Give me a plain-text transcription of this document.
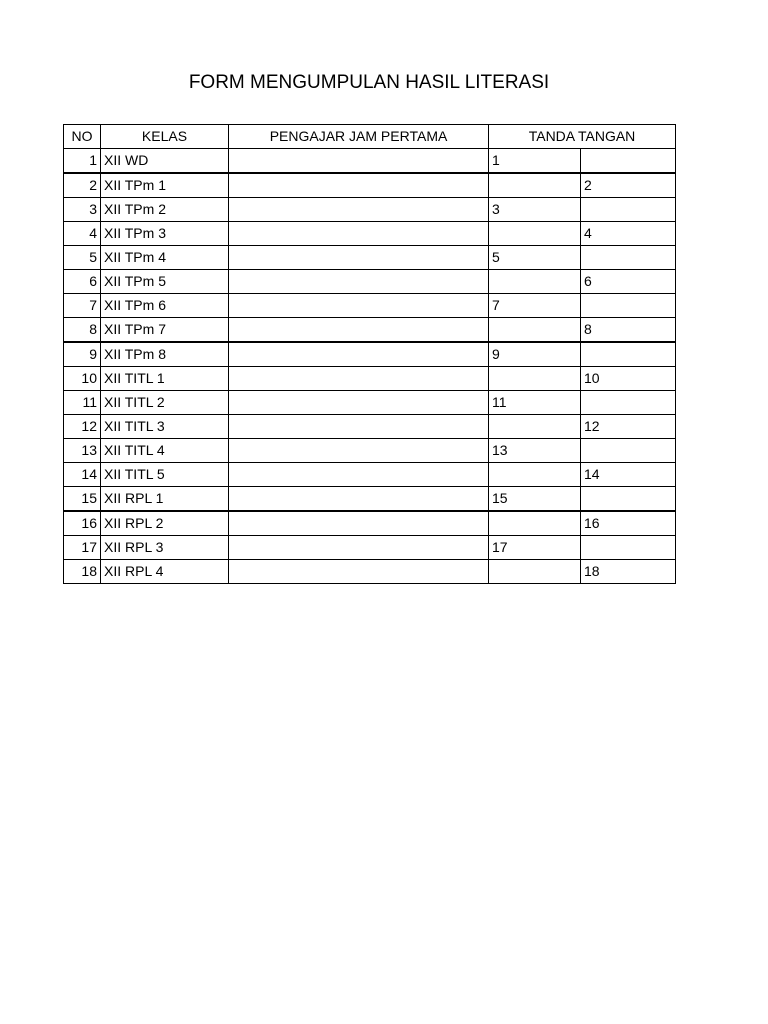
FORM MENGUMPULAN HASIL LITERASI
NO	KELAS	PENGAJAR JAM PERTAMA	TANDA TANGAN	
1	XII WD		1	
2	XII TPm 1			2
3	XII TPm 2		3	
4	XII TPm 3			4
5	XII TPm 4		5	
6	XII TPm 5			6
7	XII TPm 6		7	
8	XII TPm 7			8
9	XII TPm 8		9	
10	XII TITL 1			10
11	XII TITL 2		11	
12	XII TITL 3			12
13	XII TITL 4		13	
14	XII TITL 5			14
15	XII RPL 1		15	
16	XII RPL 2			16
17	XII RPL 3		17	
18	XII RPL 4			18
